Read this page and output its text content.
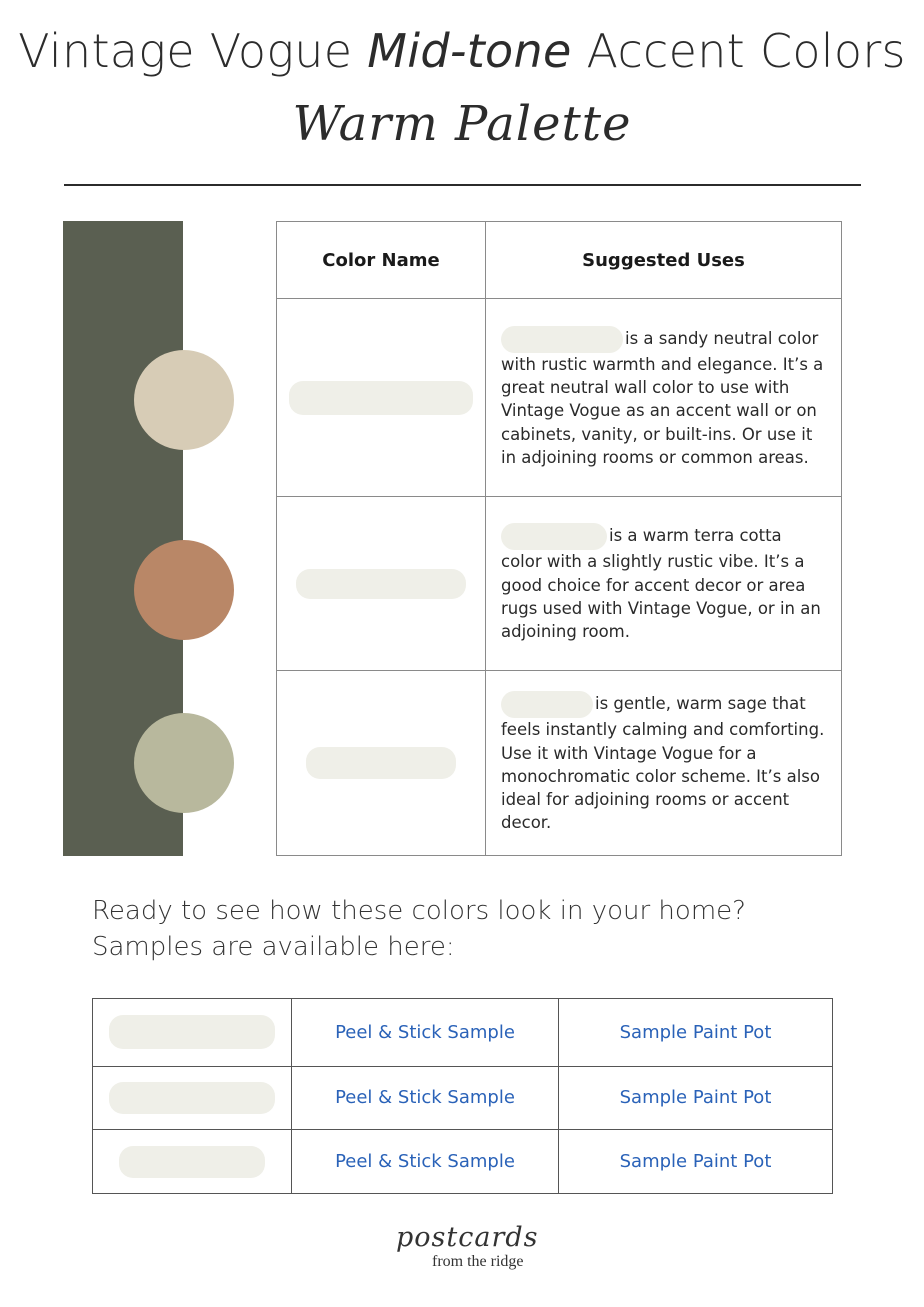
Vintage Vogue Mid-tone Accent Colors
Warm Palette
Color Name	Suggested Uses
	is a sandy neutral color with rustic warmth and elegance. It’s a great neutral wall color to use with Vintage Vogue as an accent wall or on cabinets, vanity, or built-ins. Or use it in adjoining rooms or common areas.
	is a warm terra cotta color with a slightly rustic vibe. It’s a good choice for accent decor or area rugs used with Vintage Vogue, or in an adjoining room.
	is gentle, warm sage that feels instantly calming and comforting. Use it with Vintage Vogue for a monochromatic color scheme. It’s also ideal for adjoining rooms or accent decor.
Ready to see how these colors look in your home?
Samples are available here:
	Peel & Stick Sample	Sample Paint Pot
	Peel & Stick Sample	Sample Paint Pot
	Peel & Stick Sample	Sample Paint Pot
postcards
from the ridge
